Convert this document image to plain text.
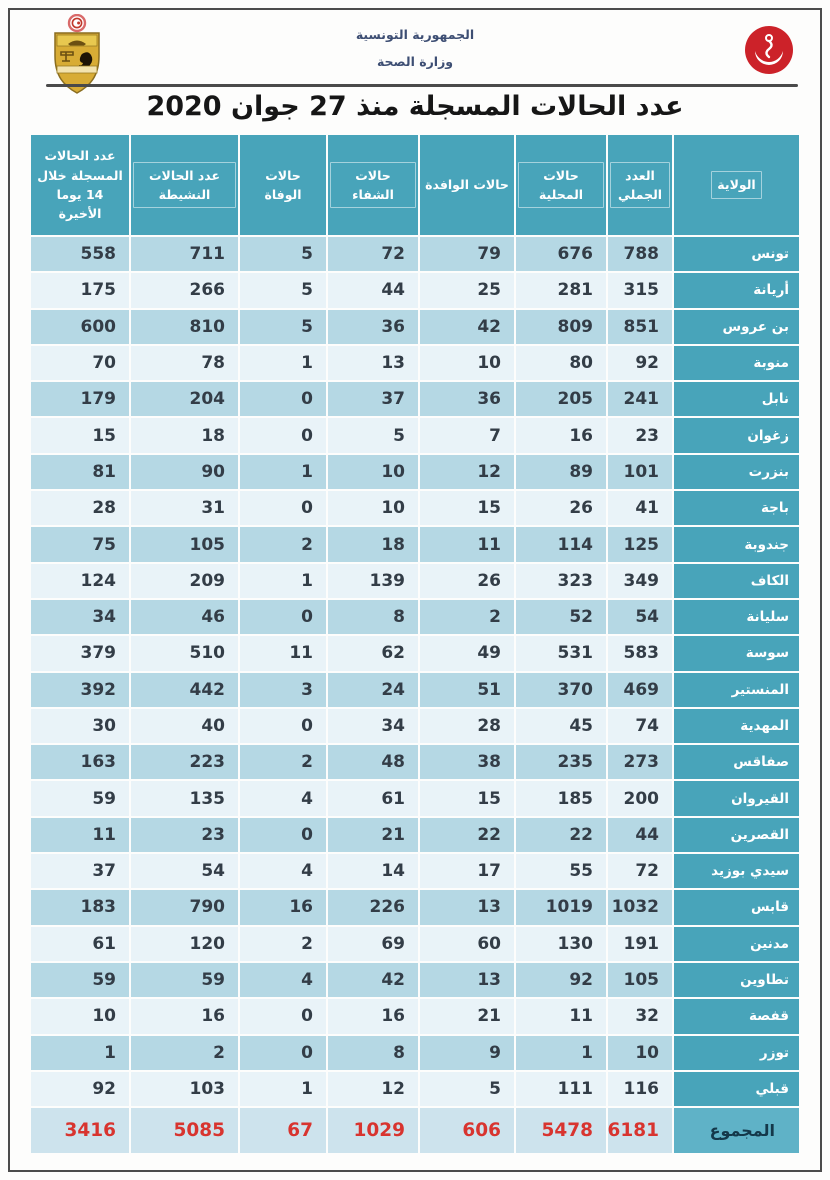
الجمهورية التونسية
وزارة الصحة
عدد الحالات المسجلة منذ 27 جوان 2020
الولاية
العدد الجملي
حالات المحلية
حالات الوافدة
حالات الشفاء
حالات الوفاة
عدد الحالات النشيطة
عدد الحالات المسجلة خلال 14 يوما الأخيرة
تونس
788
676
79
72
5
711
558
أريانة
315
281
25
44
5
266
175
بن عروس
851
809
42
36
5
810
600
منوبة
92
80
10
13
1
78
70
نابل
241
205
36
37
0
204
179
زغوان
23
16
7
5
0
18
15
بنزرت
101
89
12
10
1
90
81
باجة
41
26
15
10
0
31
28
جندوبة
125
114
11
18
2
105
75
الكاف
349
323
26
139
1
209
124
سليانة
54
52
2
8
0
46
34
سوسة
583
531
49
62
11
510
379
المنستير
469
370
51
24
3
442
392
المهدية
74
45
28
34
0
40
30
صفاقس
273
235
38
48
2
223
163
القيروان
200
185
15
61
4
135
59
القصرين
44
22
22
21
0
23
11
سيدي بوزيد
72
55
17
14
4
54
37
قابس
1032
1019
13
226
16
790
183
مدنين
191
130
60
69
2
120
61
تطاوين
105
92
13
42
4
59
59
قفصة
32
11
21
16
0
16
10
توزر
10
1
9
8
0
2
1
قبلي
116
111
5
12
1
103
92
المجموع
6181
5478
606
1029
67
5085
3416
